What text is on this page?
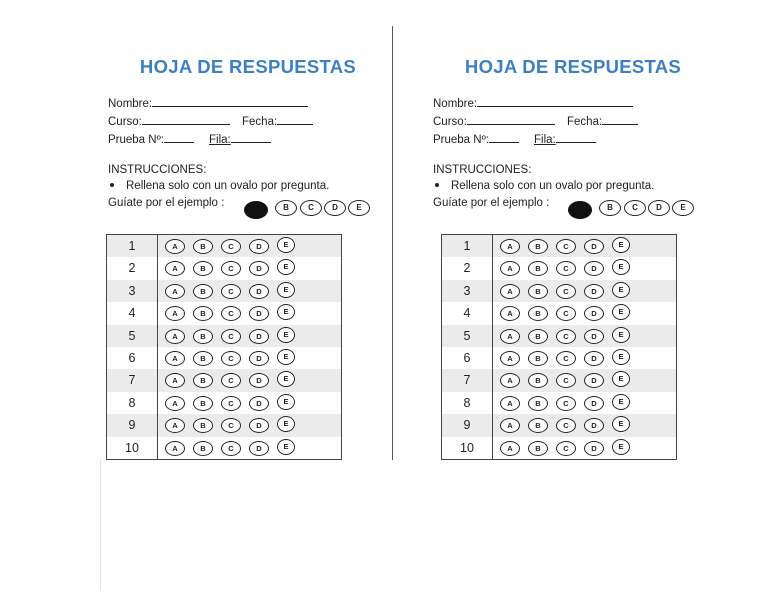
HOJA DE RESPUESTAS
Nombre:
Curso:	Fecha:
Prueba Nº:	Fila:
INSTRUCCIONES:
Rellena solo con un ovalo por pregunta.
Guíate por el ejemplo :	B	C	D	E
1	A	B	C	D	E
2	A	B	C	D	E
3	A	B	C	D	E
4	A	B	C	D	E
5	A	B	C	D	E
6	A	B	C	D	E
7	A	B	C	D	E
8	A	B	C	D	E
9	A	B	C	D	E
10	A	B	C	D	E
HOJA DE RESPUESTAS
Nombre:
Curso:	Fecha:
Prueba Nº:	Fila:
INSTRUCCIONES:
Rellena solo con un ovalo por pregunta.
Guíate por el ejemplo :	B	C	D	E
1	A	B	C	D	E
2	A	B	C	D	E
3	A	B	C	D	E
4	A	B	C	D	E
5	A	B	C	D	E
6	A	B	C	D	E
7	A	B	C	D	E
8	A	B	C	D	E
9	A	B	C	D	E
10	A	B	C	D	E
